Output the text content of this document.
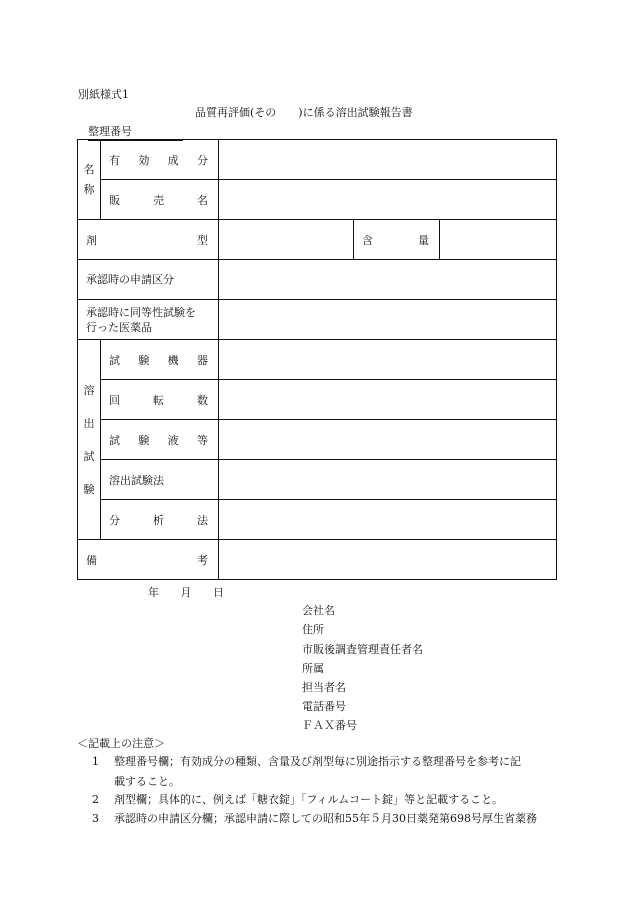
別紙様式1
品質再評価(その　　)に係る溶出試験報告書
整理番号
名
称	有効成分			
	販売名			
剤型			含量	
承認時の申請区分				

承認時に同等性試験を行った医薬品				

溶
出
試
験	試験機器			
	回転数			
	試験液等			
	溶出試験法			
	分析法			
備考				
年 月 日
会社名
住所
市販後調査管理責任者名
所属
担当者名
電話番号
ＦＡＸ番号
＜記載上の注意＞
1 整理番号欄；有効成分の種類、含量及び剤型毎に別途指示する整理番号を参考に記
載すること。
2 剤型欄；具体的に、例えば「糖衣錠」「フィルムコート錠」等と記載すること。
3 承認時の申請区分欄；承認申請に際しての昭和55年５月30日薬発第698号厚生省薬務
